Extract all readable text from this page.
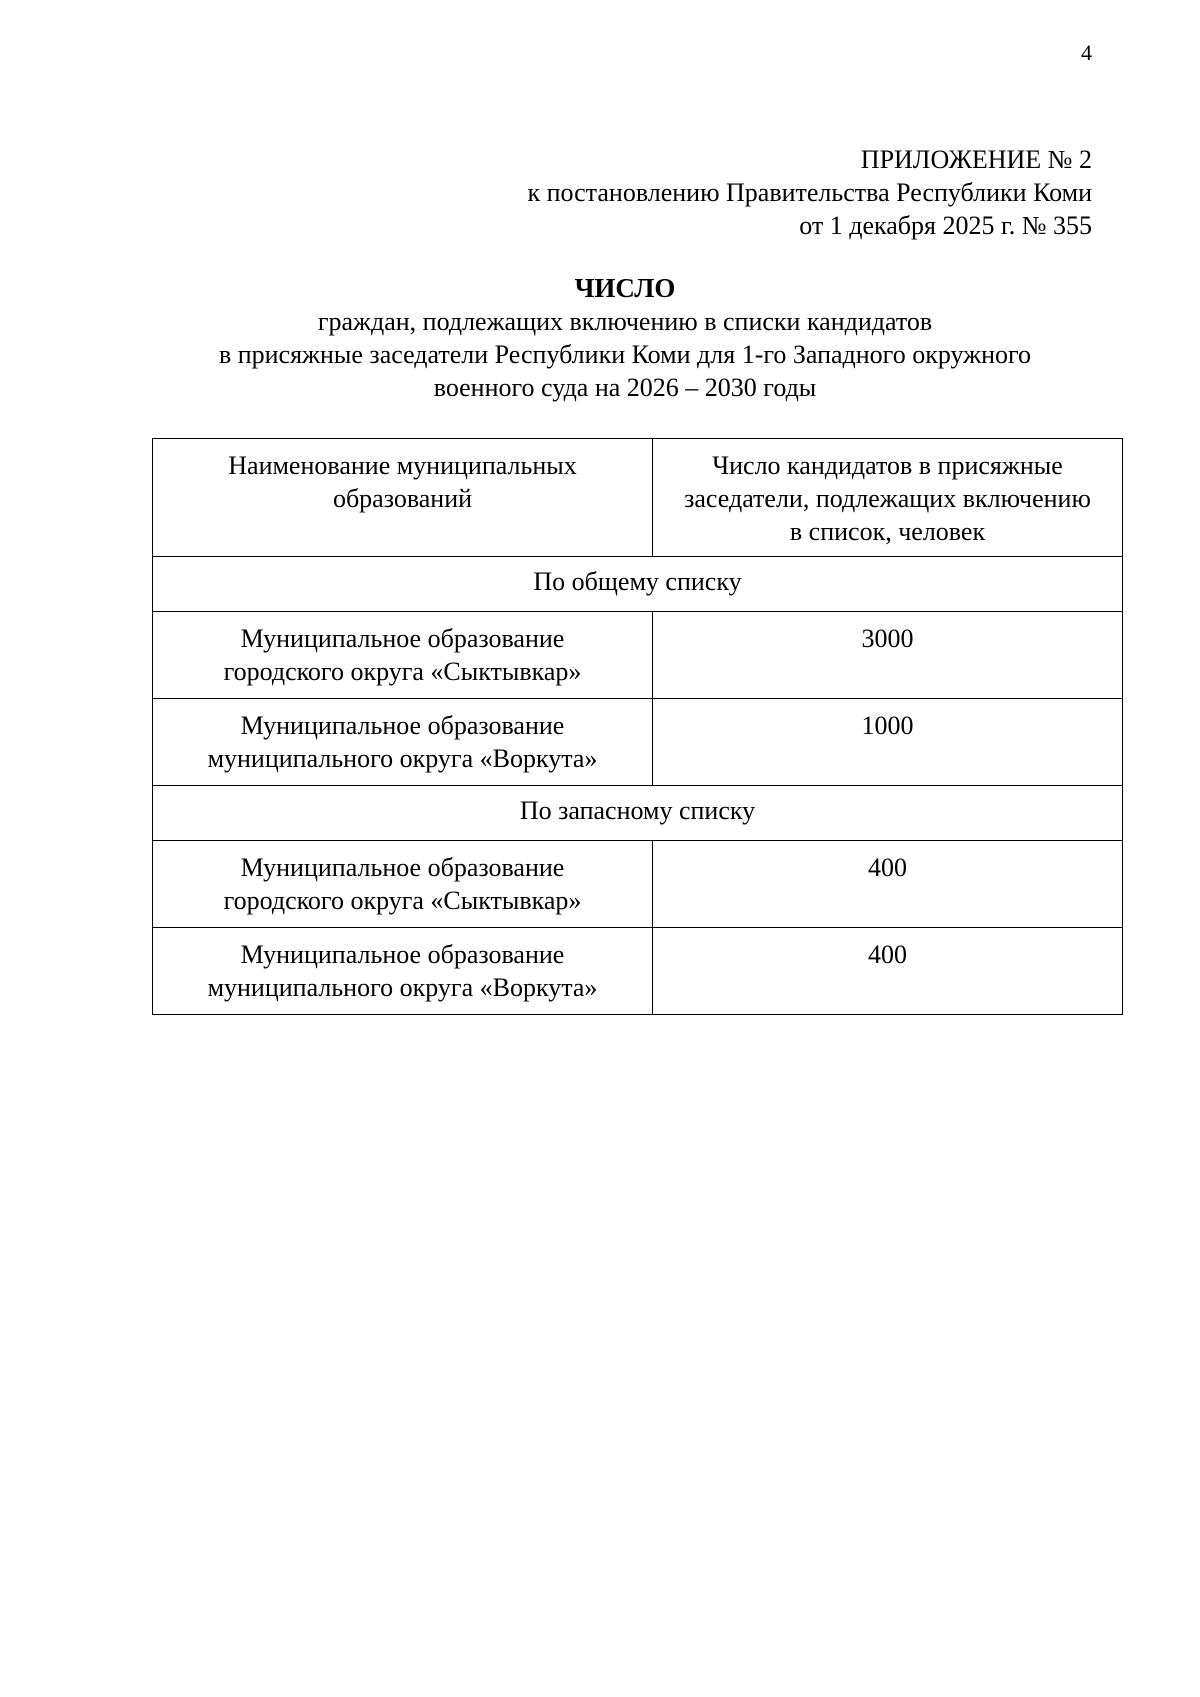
4
ПРИЛОЖЕНИЕ № 2
к постановлению Правительства Республики Коми
от 1 декабря 2025 г. № 355
ЧИСЛО
граждан, подлежащих включению в списки кандидатов
в присяжные заседатели Республики Коми для 1-го Западного окружного
военного суда на 2026 – 2030 годы
Наименование муниципальных
образований	Число кандидатов в присяжные
заседатели, подлежащих включению
в список, человек

По общему списку	

Муниципальное образование
городского округа «Сыктывкар»	3000

Муниципальное образование
муниципального округа «Воркута»	1000
По запасному списку	

Муниципальное образование
городского округа «Сыктывкар»	400

Муниципальное образование
муниципального округа «Воркута»	400
